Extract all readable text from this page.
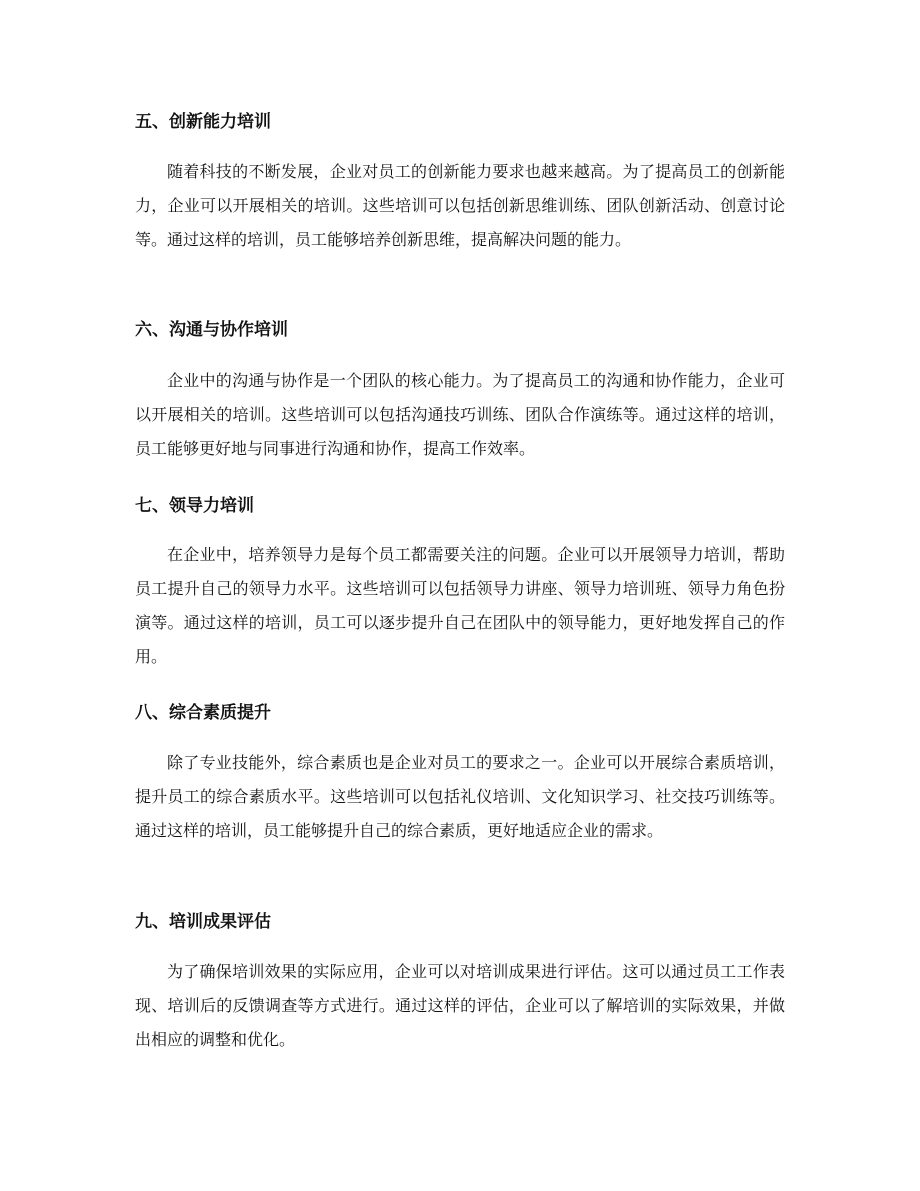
五、创新能力培训

随着科技的不断发展，企业对员工的创新能力要求也越来越高。为了提高员工的创新能力，企业可以开展相关的培训。这些培训可以包括创新思维训练、团队创新活动、创意讨论等。通过这样的培训，员工能够培养创新思维，提高解决问题的能力。

六、沟通与协作培训

企业中的沟通与协作是一个团队的核心能力。为了提高员工的沟通和协作能力，企业可以开展相关的培训。这些培训可以包括沟通技巧训练、团队合作演练等。通过这样的培训，员工能够更好地与同事进行沟通和协作，提高工作效率。

七、领导力培训

在企业中，培养领导力是每个员工都需要关注的问题。企业可以开展领导力培训，帮助员工提升自己的领导力水平。这些培训可以包括领导力讲座、领导力培训班、领导力角色扮演等。通过这样的培训，员工可以逐步提升自己在团队中的领导能力，更好地发挥自己的作用。

八、综合素质提升

除了专业技能外，综合素质也是企业对员工的要求之一。企业可以开展综合素质培训，提升员工的综合素质水平。这些培训可以包括礼仪培训、文化知识学习、社交技巧训练等。通过这样的培训，员工能够提升自己的综合素质，更好地适应企业的需求。

九、培训成果评估

为了确保培训效果的实际应用，企业可以对培训成果进行评估。这可以通过员工工作表现、培训后的反馈调查等方式进行。通过这样的评估，企业可以了解培训的实际效果，并做出相应的调整和优化。
